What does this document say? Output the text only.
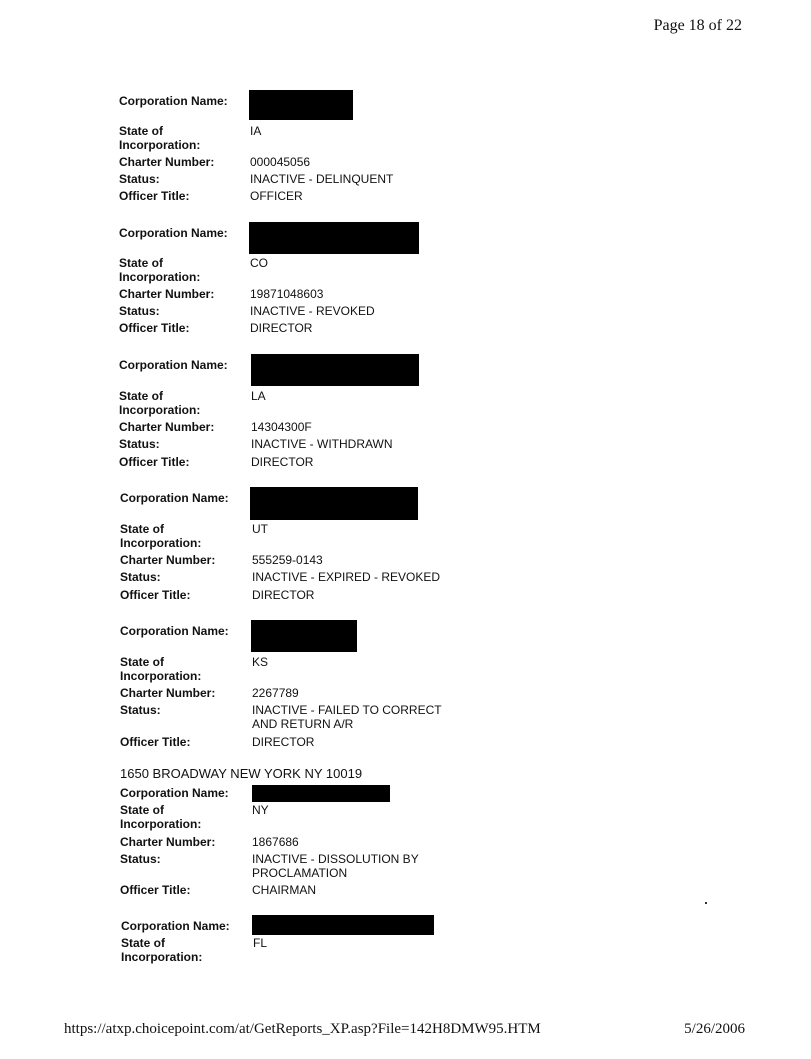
Page 18 of 22
Corporation Name:
State of Incorporation:
IA
Charter Number:	000045056
Status:	INACTIVE - DELINQUENT
Officer Title:	OFFICER
Corporation Name:
State of Incorporation:
CO
Charter Number:	19871048603
Status:	INACTIVE - REVOKED
Officer Title:	DIRECTOR
Corporation Name:
State of Incorporation:
LA
Charter Number:	14304300F
Status:	INACTIVE - WITHDRAWN
Officer Title:	DIRECTOR
Corporation Name:
State of Incorporation:
UT
Charter Number:	555259-0143
Status:	INACTIVE - EXPIRED - REVOKED
Officer Title:	DIRECTOR
Corporation Name:
State of Incorporation:
KS
Charter Number:	2267789
Status:	INACTIVE - FAILED TO CORRECT AND RETURN A/R
Officer Title:	DIRECTOR
1650 BROADWAY NEW YORK NY 10019
Corporation Name:
State of Incorporation:
NY
Charter Number:	1867686
Status:	INACTIVE - DISSOLUTION BY PROCLAMATION
Officer Title:	CHAIRMAN
Corporation Name:
State of Incorporation:
FL
https://atxp.choicepoint.com/at/GetReports_XP.asp?File=142H8DMW95.HTM	5/26/2006
